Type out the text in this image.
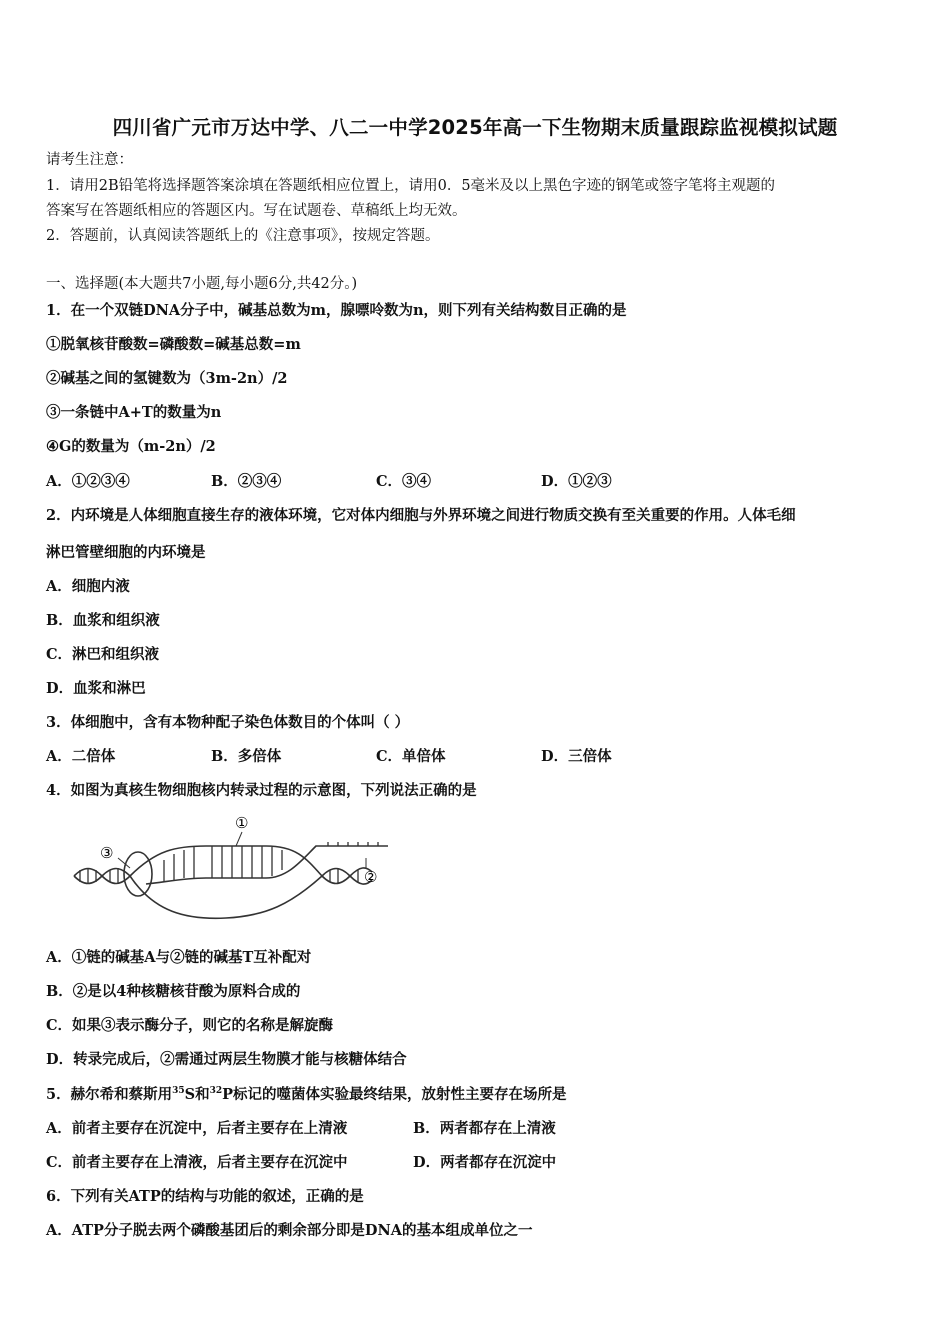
四川省广元市万达中学、八二一中学2025年高一下生物期末质量跟踪监视模拟试题
请考生注意：
1．请用2B铅笔将选择题答案涂填在答题纸相应位置上，请用0．5毫米及以上黑色字迹的钢笔或签字笔将主观题的
答案写在答题纸相应的答题区内。写在试题卷、草稿纸上均无效。
2．答题前，认真阅读答题纸上的《注意事项》，按规定答题。
一、选择题(本大题共7小题,每小题6分,共42分。)
1．在一个双链DNA分子中，碱基总数为m，腺嘌呤数为n，则下列有关结构数目正确的是
①脱氧核苷酸数=磷酸数=碱基总数=m
②碱基之间的氢键数为（3m-2n）/2
③一条链中A+T的数量为n
④G的数量为（m-2n）/2
A．①②③④	B．②③④	C．③④	D．①②③
2．内环境是人体细胞直接生存的液体环境，它对体内细胞与外界环境之间进行物质交换有至关重要的作用。人体毛细
淋巴管壁细胞的内环境是
A．细胞内液
B．血浆和组织液
C．淋巴和组织液
D．血浆和淋巴
3．体细胞中，含有本物种配子染色体数目的个体叫（ ）
A．二倍体	B．多倍体	C．单倍体	D．三倍体
4．如图为真核生物细胞核内转录过程的示意图，下列说法正确的是
①
②
③
A．①链的碱基A与②链的碱基T互补配对
B．②是以4种核糖核苷酸为原料合成的
C．如果③表示酶分子，则它的名称是解旋酶
D．转录完成后，②需通过两层生物膜才能与核糖体结合
5．赫尔希和蔡斯用$^{35}$S和$^{32}$P标记的噬菌体实验最终结果，放射性主要存在场所是
A．前者主要存在沉淀中，后者主要存在上清液	B．两者都存在上清液
C．前者主要存在上清液，后者主要存在沉淀中	D．两者都存在沉淀中
6．下列有关ATP的结构与功能的叙述，正确的是
A．ATP分子脱去两个磷酸基团后的剩余部分即是DNA的基本组成单位之一
